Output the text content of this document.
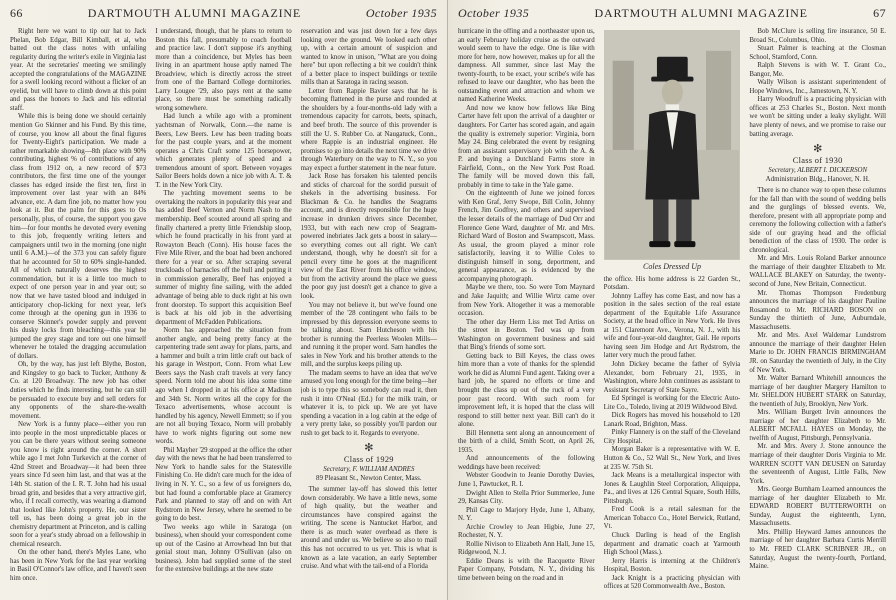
66	DARTMOUTH ALUMNI MAGAZINE	October 1935

Right here we want to tip our hat to Jack Phelan, Bob Edgar, Bill Kimball, et al, who batted out the class notes with unfailing regularity during the writer's exile in Virginia last year. At the secretaries' meeting we smilingly accepted the congratulations of the MAGAZINE for a swell looking record without a flicker of an eyelid, but will have to climb down at this point and pass the honors to Jack and his editorial staff.

While this is being done we should certainly mention Go Skinner and his Fund. By this time, of course, you know all about the final figures for Twenty-Eight's participation. We made a rather remarkable showing—8th place with 90% contributing, highest % of contributions of any class from 1912 on, a new record of $73 contributors, the first time one of the younger classes has edged inside the first ten, first in improvement over last year with an 84% advance, etc. A darn fine job, no matter how you look at it. But the palm for this goes to Os personally, plus, of course, the support you gave him—for four months he devoted every evening to this job, frequently writing letters and campaigners until two in the morning (one night until 6 A.M.)—of the 373 you can safely figure that he accounted for 50 to 60% single-handed. All of which naturally deserves the highest commendation, but it is a little too much to expect of one person year in and year out; so now that we have tasted blood and indulged in anticipatory chop-licking for next year, let's come through at the opening gun in 1936 to conserve Skinner's powder supply and prevent his dusky locks from bleaching—this year he jumped the grey stage and tore out one himself whenever he totaled the dragging accumulation of dollars.

Oh, by the way, has just left Blythe, Boston, and Kingsley to go back to Tucker, Anthony & Co. at 120 Broadway. The new job has other duties which he finds interesting, but he can still be persuaded to execute buy and sell orders for any opponents of the share-the-wealth movement.

New York is a funny place—either you run into people in the most unpredictable places or you can be there years without seeing someone you know is right around the corner. A short while ago I met John Turkevich at the corner of 42nd Street and Broadway—it had been three years since I'd seen him last, and that was at the 14th St. station of the I. R. T. John had his usual broad grin, and besides that a very attractive girl, who, if I recall correctly, was wearing a diamond that looked like John's property. He, our sister tell us, has been doing a great job in the chemistry department at Princeton, and is calling soon for a year's study abroad on a fellowship in chemical research.

On the other hand, there's Myles Lane, who has been in New York for the last year working in Basil O'Connor's law office, and I haven't seen him once.

I understand, though, that he plans to return to Boston this fall, presumably to coach football and practice law. I don't suppose it's anything more than a coincidence, but Myles has been living in an apartment house aptly named The Broadview, which is directly across the street from one of the Barnard College dormitories. Larry Lougee '29, also pays rent at the same place, so there must be something radically wrong somewhere.

Had lunch a while ago with a prominent yachtsman of Norwalk, Conn.—the name is Beers, Lew Beers. Lew has been trading boats for the past couple years, and at the moment operates a Chris Craft some 125 horsepower, which generates plenty of speed and a tremendous amount of sport. Between voyages Sailor Beers holds down a nice job with A. T. & T. in the New York City.

The yachting movement seems to be overtaking the realtors in popularity this year and has added Beef Vernon and Norm Nash to the membership. Beef scouted around all spring and finally chartered a pretty little Friendship sloop, which he found practically in his front yard at Rowayton Beach (Conn). His house faces the Five Mile River, and the boat had been anchored there for a year or so. After scraping several truckloads of barnacles off the hull and putting it in commission generally, Beef has enjoyed a summer of mighty fine sailing, with the added advantage of being able to duck right at his own front doorstep. To support this acquisition Beef is back at his old job in the advertising department of McFadden Publications.

Norm has approached the situation from another angle, and being pretty fancy at the carpentering trade sent away for plans, parts, and a hammer and built a trim little craft out back of his garage in Westport, Conn. From what Lew Beers says the Nash craft travels at very fancy speed. Norm told me about his idea some time ago when I dropped in at his office at Madison and 34th St. Norm writes all the copy for the Texaco advertisements, whose account is handled by his agency, Newell Emmett; so if you are not all buying Texaco, Norm will probably have to work nights figuring out some new words.

Phil Mayher '29 stopped at the office the other day with the news that he had been transferred to New York to handle sales for the Statesville Finishing Co. He didn't care much for the idea of living in N. Y. C., so a few of us foreigners do, but had found a comfortable place at Gramercy Park and planned to stay off and on with Art Rydstrom in New Jersey, where he seemed to be going to do best.

Two weeks ago while in Saratoga (on business), when should your correspondent come up out of the Casino at Arrowhead Inn but that genial stout man, Johnny O'Sullivan (also on business). John had supplied some of the steel for the extensive buildings at the new state

reservation and was just down for a few days looking over the ground. We looked each other up, with a certain amount of suspicion and wanted to know in unison, "What are you doing here" but upon reflecting a bit we couldn't think of a better place to inspect buildings or textile mills than at Saratoga in racing season.

Letter from Rappie Bavier says that he is becoming flattened in the purse and rounded at the shoulders by a four-months-old lady with a tremendous capacity for carrots, beets, spinach, and beef broth. The source of this provender is still the U. S. Rubber Co. at Naugatuck, Conn., where Rappie is an industrial engineer. He promises to go into details the next time we drive through Waterbury on the way to N. Y., so you may expect a further statement in the near future.

Jack Rose has forsaken his talented pencils and sticks of charcoal for the sordid pursuit of shekels in the advertising business. For Blackman & Co. he handles the Seagrams account, and is directly responsible for the huge increase in drunken drivers since December, 1933, but with each new crop of Seagram-powered inebriates Jack gets a boost in salary—so everything comes out all right. We can't understand, though, why he doesn't sit for a pencil every time he goes at the magnificent view of the East River from his office window, but from the activity around the place we guess the poor guy just doesn't get a chance to give a look.

You may not believe it, but we've found one member of the '28 contingent who fails to be impressed by this depression everyone seems to be talking about. Sam Hutcheson with his brother is running the Peerless Woolen Mills—and running it the proper word. Sam handles the sales in New York and his brother attends to the mill, and the surplus keeps piling up.

The madam seems to have an idea that we've amused you long enough for the time being—her job is to type this so somebody can read it, then rush it into O'Neal (Ed.) for the milk train, or whatever it is, to pick up. We are yet have spending a vacation in a log cabin at the edge of a very pretty lake, so possibly you'll pardon our rush to get back to it. Regards to everyone.

✻
Class of 1929
Secretary, F. WILLIAM ANDRES
89 Pleasant St., Newton Center, Mass.

The summer lay-off has slowed this letter down considerably. We have a little news, some of high quality, but the weather and circumstances have conspired against the writing. The scene is Nantucket Harbor, and there is as much water overhead as there is around and under us. We believe so also to mail this has not occurred to us yet. This is what is known as a late vacation, an early September cruise. And what with the tail-end of a Florida

October 1935	DARTMOUTH ALUMNI MAGAZINE	67

hurricane in the offing and a northeaster upon us, an early February holiday cruise as the outward would seem to have the edge. One is like with more for here, now however, makes up for all the dampness. All summer, since last May the twenty-fourth, to be exact, your scribe's wife has refused to leave our daughter, who has been the outstanding event and attraction and whom we named Katherine Weeks.

And now we know how fellows like Bing Carter have felt upon the arrival of a daughter or daughters. For Carter has scored again, and again the quality is extremely superior: Virginia, born May 24. Bing celebrated the event by resigning from an assistant supervisory job with the A. & P. and buying a Dutchland Farms store in Fairfield, Conn., on the New York Post Road. The family will be moved down this fall, probably in time to take in the Yale game.

On the eighteenth of June we joined forces with Ken Graf, Jerry Swope, Bill Colin, Johnny French, Jim Godfrey, and others and supervised the lesser details of the marriage of Dud Orr and Florence Gene Ward, daughter of Mr. and Mrs. Richard Ward of Boston and Swampscott, Mass. As usual, the groom played a minor role satisfactorily, leaving it to Willie Coles to distinguish himself in song, deportment, and general appearance, as is evidenced by the accompanying photograph.

Maybe we there, too. So were Tom Maynard and Jake Jaquith; and Willie Wirtz came over from New York. Altogether it was a memorable occasion.

The other day Herm Liss met Ted Artiss on the street in Boston. Ted was up from Washington on government business and said that Bing's friends of some sort.

Getting back to Bill Keyes, the class owes him more than a vote of thanks for the splendid work he did as Alumni Fund agent. Taking over a hard job, he spared no efforts or time and brought the class up out of the ruck of a very poor past record. With such room for improvement left, it is hoped that the class will respond to still better next year. Bill can't do it alone.

Bill Hennetta sent along an announcement of the birth of a child, Smith Scott, on April 26, 1935.

And announcements of the following weddings have been received:

Webster Goodwin to Jeanie Dorothy Davies, June 1, Pawtucket, R. I.

Dwight Allen to Stella Prior Summerlee, June 29, Kansas City.

Phil Cage to Marjory Hyde, June 1, Albany, N. Y.

Archie Crowley to Jean Higbie, June 27, Rochester, N. Y.

Rollie Nivison to Elizabeth Ann Hall, June 15, Ridgewood, N. J.

Eddie Deans is with the Racquette River Paper Company, Potsdam, N. Y., dividing his time between being on the road and in

Coles Dressed Up

the office. His home address is 22 Garden St., Potsdam.

Johnny Laffey has come East, and now has a position in the sales section of the real estate department of the Equitable Life Assurance Society, at the head office in New York. He lives at 151 Claremont Ave., Verona, N. J., with his wife and four-year-old daughter, Gail. He reports having seen Jim Hodge and Art Rydstrom, the latter very much the proud father.

John Dickey became the father of Sylvia Alexander, born February 21, 1935, in Washington, where John continues as assistant to Assistant Secretary of State Sayre.

Ed Springel is working for the Electric Auto-Lite Co., Toledo, living at 2019 Wildwood Blvd.

Dick Rogers has moved his household to 120 Lanark Road, Brighton, Mass.

Pinky Flannery is on the staff of the Cleveland City Hospital.

Morgan Baker is a representative with W. E. Hutton & Co., 52 Wall St., New York, and lives at 235 W. 75th St.

Jack Means is a metallurgical inspector with Jones & Laughlin Steel Corporation, Aliquippa, Pa., and lives at 126 Central Square, South Hills, Pittsburgh.

Fred Cook is a retail salesman for the American Tobacco Co., Hotel Berwick, Rutland, Vt.

Chuck Darling is head of the English department and dramatic coach at Yarmouth High School (Mass.).

Jerry Harris is interning at the Children's Hospital, Boston.

Jack Knight is a practicing physician with offices at 520 Commonwealth Ave., Boston.

Bob McClure is selling fire insurance, 50 E. Broad St., Columbus, Ohio.

Stuart Palmer is teaching at the Closman School, Stamford, Conn.

Ralph Stevens is with W. T. Grant Co., Bangor, Me.

Wally Wilson is assistant superintendent of Hope Windows, Inc., Jamestown, N. Y.

Harry Woodruff is a practicing physician with offices at 253 Charles St., Boston. Next month we won't be sitting under a leaky skylight. Will have plenty of news, and we promise to raise our batting average.

✻
Class of 1930
Secretary, ALBERT I. DICKERSON
Administration Bldg., Hanover, N. H.

There is no chance way to open these columns for the fall than with the sound of wedding bells and the gurglings of blessed events. We, therefore, present with all appropriate pomp and ceremony the following collection with a father's side of our graying head and the official benediction of the class of 1930. The order is chronological.

Mr. and Mrs. Louis Roland Barker announce the marriage of their daughter Elizabeth to Mr. WALLACE BLAKEY on Saturday, the twenty-second of June, New Britain, Connecticut.

Mr. Thomas Thompson Fredenburg announces the marriage of his daughter Pauline Rosamond to Mr. RICHARD BOSON on Sunday the thirtieth of June, Auburndale, Massachusetts.

Mr. and Mrs. Axel Waldemar Lundstrom announce the marriage of their daughter Helen Marie to Dr. JOHN FRANCIS BIRMINGHAM JR. on Saturday the twentieth of July, in the City of New York.

Mr. Walter Barnard Whitehill announces the marriage of her daughter Margery Hamilton to Mr. SHELDON HUBERT STARK on Saturday, the twentieth of July, Brooklyn, New York.

Mrs. William Burgett Irvin announces the marriage of her daughter Elizabeth to Mr. ALBERT MCFALL HAYES on Monday, the twelfth of August, Pittsburgh, Pennsylvania.

Mr. and Mrs. Avery J. Stone announce the marriage of their daughter Doris Virginia to Mr. WARREN SCOTT VAN DEUSEN on Saturday the seventeenth of August, Little Falls, New York.

Mrs. George Burnham Learned announces the marriage of her daughter Elizabeth to Mr. EDWARD ROBERT BUTTERWORTH on Sunday, August the eighteenth, Lynn, Massachusetts.

Mrs. Phillip Heyward James announces the marriage of her daughter Barbara Curtis Merrill to Mr. FRED CLARK SCRIBNER JR., on Saturday, August the twenty-fourth, Portland, Maine.
